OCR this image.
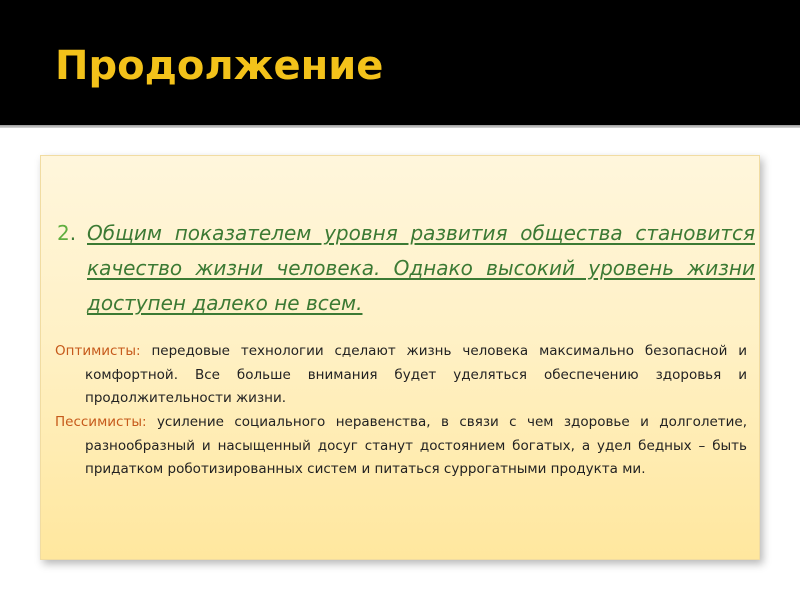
Продолжение

2. Общим показателем уровня развития общества становится качество жизни человека. Однако высокий уровень жизни доступен далеко не всем.

Оптимисты: передовые технологии сделают жизнь человека максимально безопасной и комфортной. Все больше внимания будет уделяться обеспечению здоровья и продолжительности жизни.

Пессимисты: усиление социального неравенства, в связи с чем здоровье и долголетие, разнообразный и насыщенный досуг станут достоянием богатых, а удел бедных – быть придатком роботизированных систем и питаться суррогатными продукта ми.
